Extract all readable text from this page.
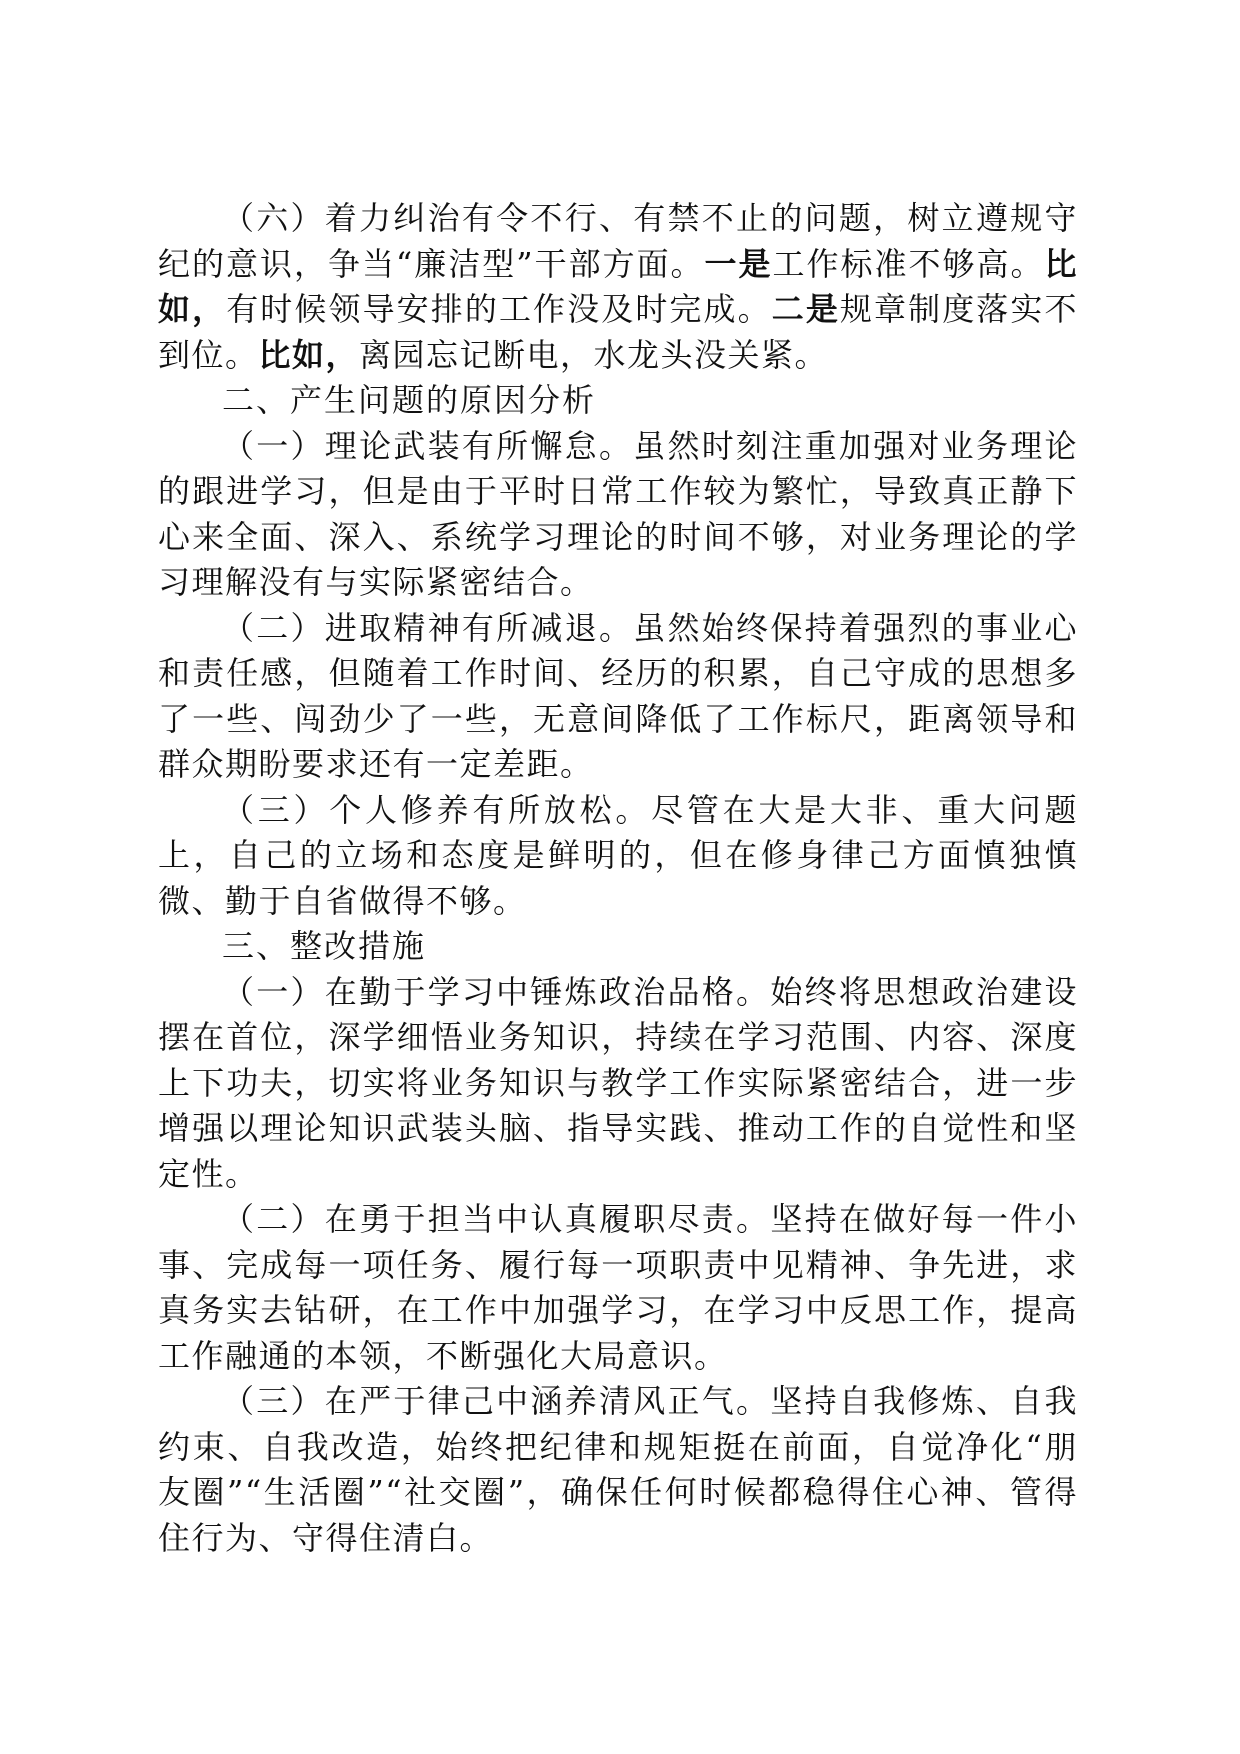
（六）着力纠治有令不行、有禁不止的问题，树立遵规守纪的意识，争当“廉洁型”干部方面。一是工作标准不够高。比如，有时候领导安排的工作没及时完成。二是规章制度落实不到位。比如，离园忘记断电，水龙头没关紧。

二、产生问题的原因分析

（一）理论武装有所懈怠。虽然时刻注重加强对业务理论的跟进学习，但是由于平时日常工作较为繁忙，导致真正静下心来全面、深入、系统学习理论的时间不够，对业务理论的学习理解没有与实际紧密结合。

（二）进取精神有所减退。虽然始终保持着强烈的事业心和责任感，但随着工作时间、经历的积累，自己守成的思想多了一些、闯劲少了一些，无意间降低了工作标尺，距离领导和群众期盼要求还有一定差距。

（三）个人修养有所放松。尽管在大是大非、重大问题上，自己的立场和态度是鲜明的，但在修身律己方面慎独慎微、勤于自省做得不够。

三、整改措施

（一）在勤于学习中锤炼政治品格。始终将思想政治建设摆在首位，深学细悟业务知识，持续在学习范围、内容、深度上下功夫，切实将业务知识与教学工作实际紧密结合，进一步增强以理论知识武装头脑、指导实践、推动工作的自觉性和坚定性。

（二）在勇于担当中认真履职尽责。坚持在做好每一件小事、完成每一项任务、履行每一项职责中见精神、争先进，求真务实去钻研，在工作中加强学习，在学习中反思工作，提高工作融通的本领，不断强化大局意识。

（三）在严于律己中涵养清风正气。坚持自我修炼、自我约束、自我改造，始终把纪律和规矩挺在前面，自觉净化“朋友圈”“生活圈”“社交圈”，确保任何时候都稳得住心神、管得住行为、守得住清白。
